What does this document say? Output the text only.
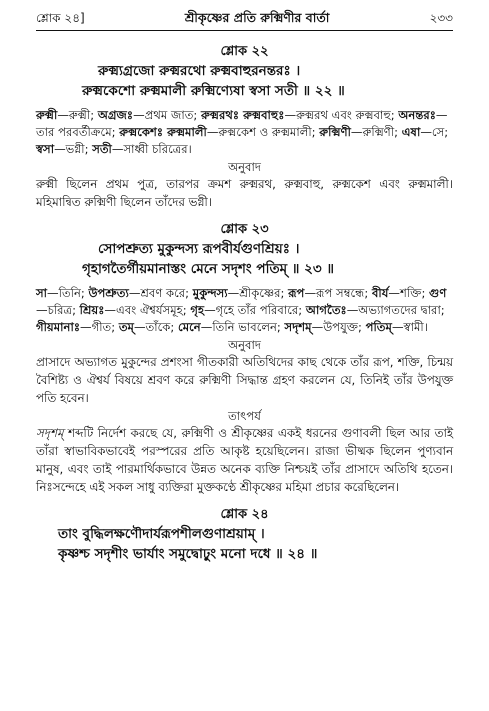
শ্লোক ২৪]	শ্রীকৃষ্ণের প্রতি রুক্মিণীর বার্তা	২৩৩
শ্লোক ২২
রুক্ম্যগ্রজো রুক্মরথো রুক্মবাহুরনন্তরঃ ।
রুক্মকেশো রুক্মমালী রুক্মিণ্যেষা স্বসা সতী ॥ ২২ ॥
রুক্মী—রুক্মী; অগ্রজঃ—প্রথম জাত; রুক্মরথঃ রুক্মবাহুঃ—রুক্মরথ এবং রুক্মবাহু; অনন্তরঃ—তার পরবর্তীক্রমে; রুক্মকেশঃ রুক্মমালী—রুক্মকেশ ও রুক্মমালী; রুক্মিণী—রুক্মিণী; এষা—সে; স্বসা—ভগ্নী; সতী—সাধ্বী চরিত্রের।
অনুবাদ
রুক্মী ছিলেন প্রথম পুত্র, তারপর ক্রমশ রুক্মরথ, রুক্মবাহু, রুক্মকেশ এবং রুক্মমালী। মহিমান্বিত রুক্মিণী ছিলেন তাঁদের ভগ্নী।
শ্লোক ২৩
সোপশ্রুত্য মুকুন্দস্য রূপবীর্যগুণশ্রিয়ঃ ।
গৃহাগতৈর্গীয়মানাস্তং মেনে সদৃশং পতিম্ ॥ ২৩ ॥
সা—তিনি; উপশ্রুত্য—শ্রবণ করে; মুকুন্দস্য—শ্রীকৃষ্ণের; রূপ—রূপ সম্বন্ধে; বীর্য—শক্তি; গুণ—চরিত্র; শ্রিয়ঃ—এবং ঐশ্বর্যসমূহ; গৃহ—গৃহে তাঁর পরিবারে; আগতৈঃ—অভ্যাগতদের দ্বারা; গীয়মানাঃ—গীত; তম্—তাঁকে; মেনে—তিনি ভাবলেন; সদৃশম্—উপযুক্ত; পতিম্—স্বামী।
অনুবাদ
প্রাসাদে অভ্যাগত মুকুন্দের প্রশংসা গীতকারী অতিথিদের কাছ থেকে তাঁর রূপ, শক্তি, চিন্ময় বৈশিষ্ট্য ও ঐশ্বর্য বিষয়ে শ্রবণ করে রুক্মিণী সিদ্ধান্ত গ্রহণ করলেন যে, তিনিই তাঁর উপযুক্ত পতি হবেন।
তাৎপর্য
সদৃশম্ শব্দটি নির্দেশ করছে যে, রুক্মিণী ও শ্রীকৃষ্ণের একই ধরনের গুণাবলী ছিল আর তাই তাঁরা স্বাভাবিকভাবেই পরস্পরের প্রতি আকৃষ্ট হয়েছিলেন। রাজা ভীষ্মক ছিলেন পুণ্যবান মানুষ, এবং তাই পারমার্থিকভাবে উন্নত অনেক ব্যক্তি নিশ্চয়ই তাঁর প্রাসাদে অতিথি হতেন। নিঃসন্দেহে এই সকল সাধু ব্যক্তিরা মুক্তকণ্ঠে শ্রীকৃষ্ণের মহিমা প্রচার করেছিলেন।
শ্লোক ২৪
তাং বুদ্ধিলক্ষণৌদার্যরূপশীলগুণাশ্রয়াম্ ।
কৃষ্ণশ্চ সদৃশীং ভার্যাং সমুদ্বোঢ়ুং মনো দধে ॥ ২৪ ॥
